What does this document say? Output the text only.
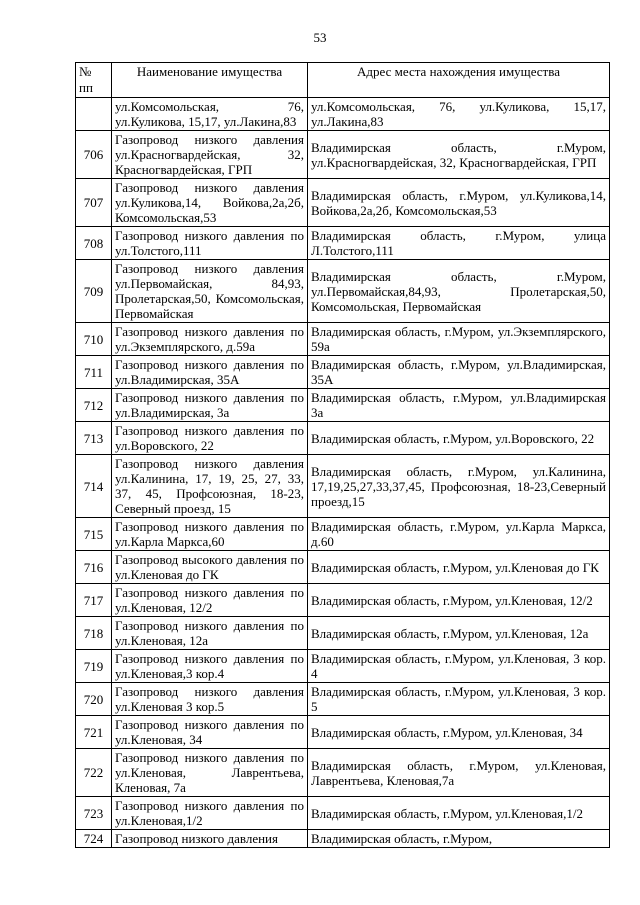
53
№
пп	Наименование имущества	Адрес места нахождения имущества
	ул.Комсомольская, 76, ул.Куликова, 15,17, ул.Лакина,83	ул.Комсомольская, 76, ул.Куликова, 15,17, ул.Лакина,83
706	Газопровод низкого давления ул.Красногвардейская, 32, Красногвардейская, ГРП	Владимирская область, г.Муром, ул.Красногвардейская, 32, Красногвардейская, ГРП
707	Газопровод низкого давления ул.Куликова,14, Войкова,2а,2б, Комсомольская,53	Владимирская область, г.Муром, ул.Куликова,14, Войкова,2а,2б, Комсомольская,53
708	Газопровод низкого давления по ул.Толстого,111	Владимирская область, г.Муром, улица Л.Толстого,111
709	Газопровод низкого давления ул.Первомайская, 84,93, Пролетарская,50, Комсомольская, Первомайская	Владимирская область, г.Муром, ул.Первомайская,84,93, Пролетарская,50, Комсомольская, Первомайская
710	Газопровод низкого давления по ул.Экземплярского, д.59а	Владимирская область, г.Муром, ул.Экземплярского, 59а
711	Газопровод низкого давления по ул.Владимирская, 35А	Владимирская область, г.Муром, ул.Владимирская, 35А
712	Газопровод низкого давления по ул.Владимирская, 3а	Владимирская область, г.Муром, ул.Владимирская 3а
713	Газопровод низкого давления по ул.Воровского, 22	Владимирская область, г.Муром, ул.Воровского, 22
714	Газопровод низкого давления ул.Калинина, 17, 19, 25, 27, 33, 37, 45, Профсоюзная, 18-23, Северный проезд, 15	Владимирская область, г.Муром, ул.Калинина, 17,19,25,27,33,37,45, Профсоюзная, 18-23,Северный проезд,15
715	Газопровод низкого давления по ул.Карла Маркса,60	Владимирская область, г.Муром, ул.Карла Маркса, д.60
716	Газопровод высокого давления по ул.Кленовая до ГК	Владимирская область, г.Муром, ул.Кленовая до ГК
717	Газопровод низкого давления по ул.Кленовая, 12/2	Владимирская область, г.Муром, ул.Кленовая, 12/2
718	Газопровод низкого давления по ул.Кленовая, 12а	Владимирская область, г.Муром, ул.Кленовая, 12а
719	Газопровод низкого давления по ул.Кленовая,3 кор.4	Владимирская область, г.Муром, ул.Кленовая, 3 кор. 4
720	Газопровод низкого давления ул.Кленовая 3 кор.5	Владимирская область, г.Муром, ул.Кленовая, 3 кор. 5
721	Газопровод низкого давления по ул.Кленовая, 34	Владимирская область, г.Муром, ул.Кленовая, 34
722	Газопровод низкого давления по ул.Кленовая, Лаврентьева, Кленовая, 7а	Владимирская область, г.Муром, ул.Кленовая, Лаврентьева, Кленовая,7а
723	Газопровод низкого давления по ул.Кленовая,1/2	Владимирская область, г.Муром, ул.Кленовая,1/2
724	Газопровод низкого давления	Владимирская область, г.Муром,
